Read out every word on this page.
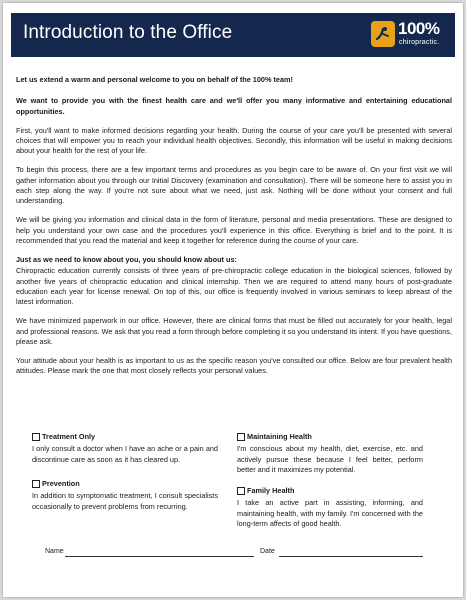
Introduction to the Office	100%
chiropractic.

Let us extend a warm and personal welcome to you on behalf of the 100% team!

We want to provide you with the finest health care and we'll offer you many informative and entertaining educational opportunities.

First, you'll want to make informed decisions regarding your health. During the course of your care you'll be presented with several choices that will empower you to reach your individual health objectives. Secondly, this information will be useful in making decisions about your health for the rest of your life.

To begin this process, there are a few important terms and procedures as you begin care to be aware of. On your first visit we will gather information about you through our Initial Discovery (examination and consultation). There will be someone here to assist you in each step along the way. If you're not sure about what we need, just ask. Nothing will be done without your consent and full understanding.

We will be giving you information and clinical data in the form of literature, personal and media presentations. These are designed to help you understand your own case and the procedures you'll experience in this office. Everything is brief and to the point. It is recommended that you read the material and keep it together for reference during the course of your care.

Just as we need to know about you, you should know about us:

Chiropractic education currently consists of three years of pre-chiropractic college education in the biological sciences, followed by another five years of chiropractic education and clinical internship. Then we are required to attend many hours of post-graduate education each year for license renewal. On top of this, our office is frequently involved in various seminars to keep abreast of the latest information.

We have minimized paperwork in our office. However, there are clinical forms that must be filled out accurately for your health, legal and professional reasons. We ask that you read a form through before completing it so you understand its intent. If you have questions, please ask.

Your attitude about your health is as important to us as the specific reason you've consulted our office. Below are four prevalent health attitudes. Please mark the one that most closely reflects your personal values.

Treatment Only

I only consult a doctor when I have an ache or a pain and discontinue care as soon as it has cleared up.

Prevention

In addition to symptomatic treatment, I consult specialists occasionally to prevent problems from recurring.

Maintaining Health

I'm conscious about my health, diet, exercise, etc. and actively pursue these because I feel better, perform better and it maximizes my potential.

Family Health

I take an active part in assisting, informing, and maintaining health, with my family. I'm concerned with the long-term affects of good health.

Name	Date
